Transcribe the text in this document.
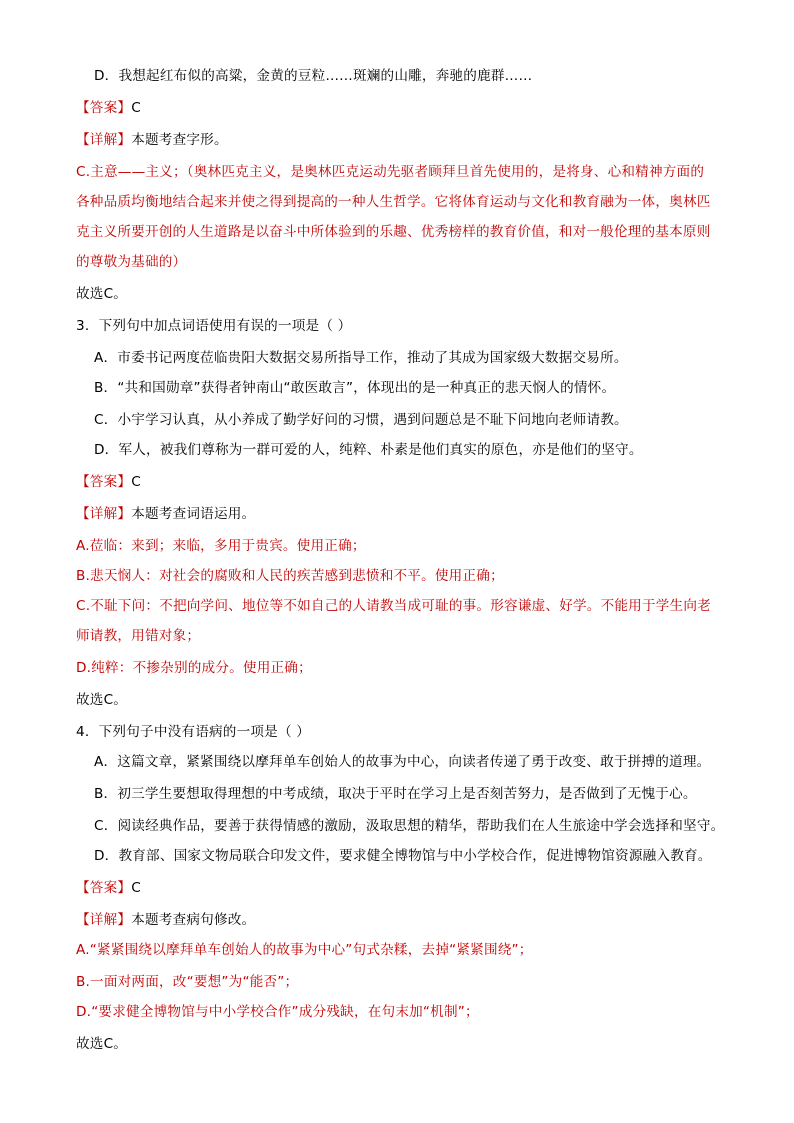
D．我想起红布似的高粱，金黄的豆粒……斑斓的山雕，奔驰的鹿群……
【答案】C
【详解】本题考查字形。
C.主意——主义；（奥林匹克主义，是奥林匹克运动先驱者顾拜旦首先使用的，是将身、心和精神方面的
各种品质均衡地结合起来并使之得到提高的一种人生哲学。它将体育运动与文化和教育融为一体，奥林匹
克主义所要开创的人生道路是以奋斗中所体验到的乐趣、优秀榜样的教育价值，和对一般伦理的基本原则
的尊敬为基础的）
故选C。
3．下列句中加点词语使用有误的一项是（ ）
A．市委书记两度莅临贵阳大数据交易所指导工作，推动了其成为国家级大数据交易所。
B．“共和国勋章”获得者钟南山“敢医敢言”，体现出的是一种真正的悲天悯人的情怀。
C．小宇学习认真，从小养成了勤学好问的习惯，遇到问题总是不耻下问地向老师请教。
D．军人，被我们尊称为一群可爱的人，纯粹、朴素是他们真实的原色，亦是他们的坚守。
【答案】C
【详解】本题考查词语运用。
A.莅临：来到；来临，多用于贵宾。使用正确；
B.悲天悯人：对社会的腐败和人民的疾苦感到悲愤和不平。使用正确；
C.不耻下问：不把向学问、地位等不如自己的人请教当成可耻的事。形容谦虚、好学。不能用于学生向老
师请教，用错对象；
D.纯粹：不掺杂别的成分。使用正确；
故选C。
4．下列句子中没有语病的一项是（ ）
A．这篇文章，紧紧围绕以摩拜单车创始人的故事为中心，向读者传递了勇于改变、敢于拼搏的道理。
B．初三学生要想取得理想的中考成绩，取决于平时在学习上是否刻苦努力，是否做到了无愧于心。
C．阅读经典作品，要善于获得情感的激励，汲取思想的精华，帮助我们在人生旅途中学会选择和坚守。
D．教育部、国家文物局联合印发文件，要求健全博物馆与中小学校合作，促进博物馆资源融入教育。
【答案】C
【详解】本题考查病句修改。
A.“紧紧围绕以摩拜单车创始人的故事为中心”句式杂糅，去掉“紧紧围绕”；
B.一面对两面，改“要想”为“能否”；
D.“要求健全博物馆与中小学校合作”成分残缺，在句末加“机制”；
故选C。
